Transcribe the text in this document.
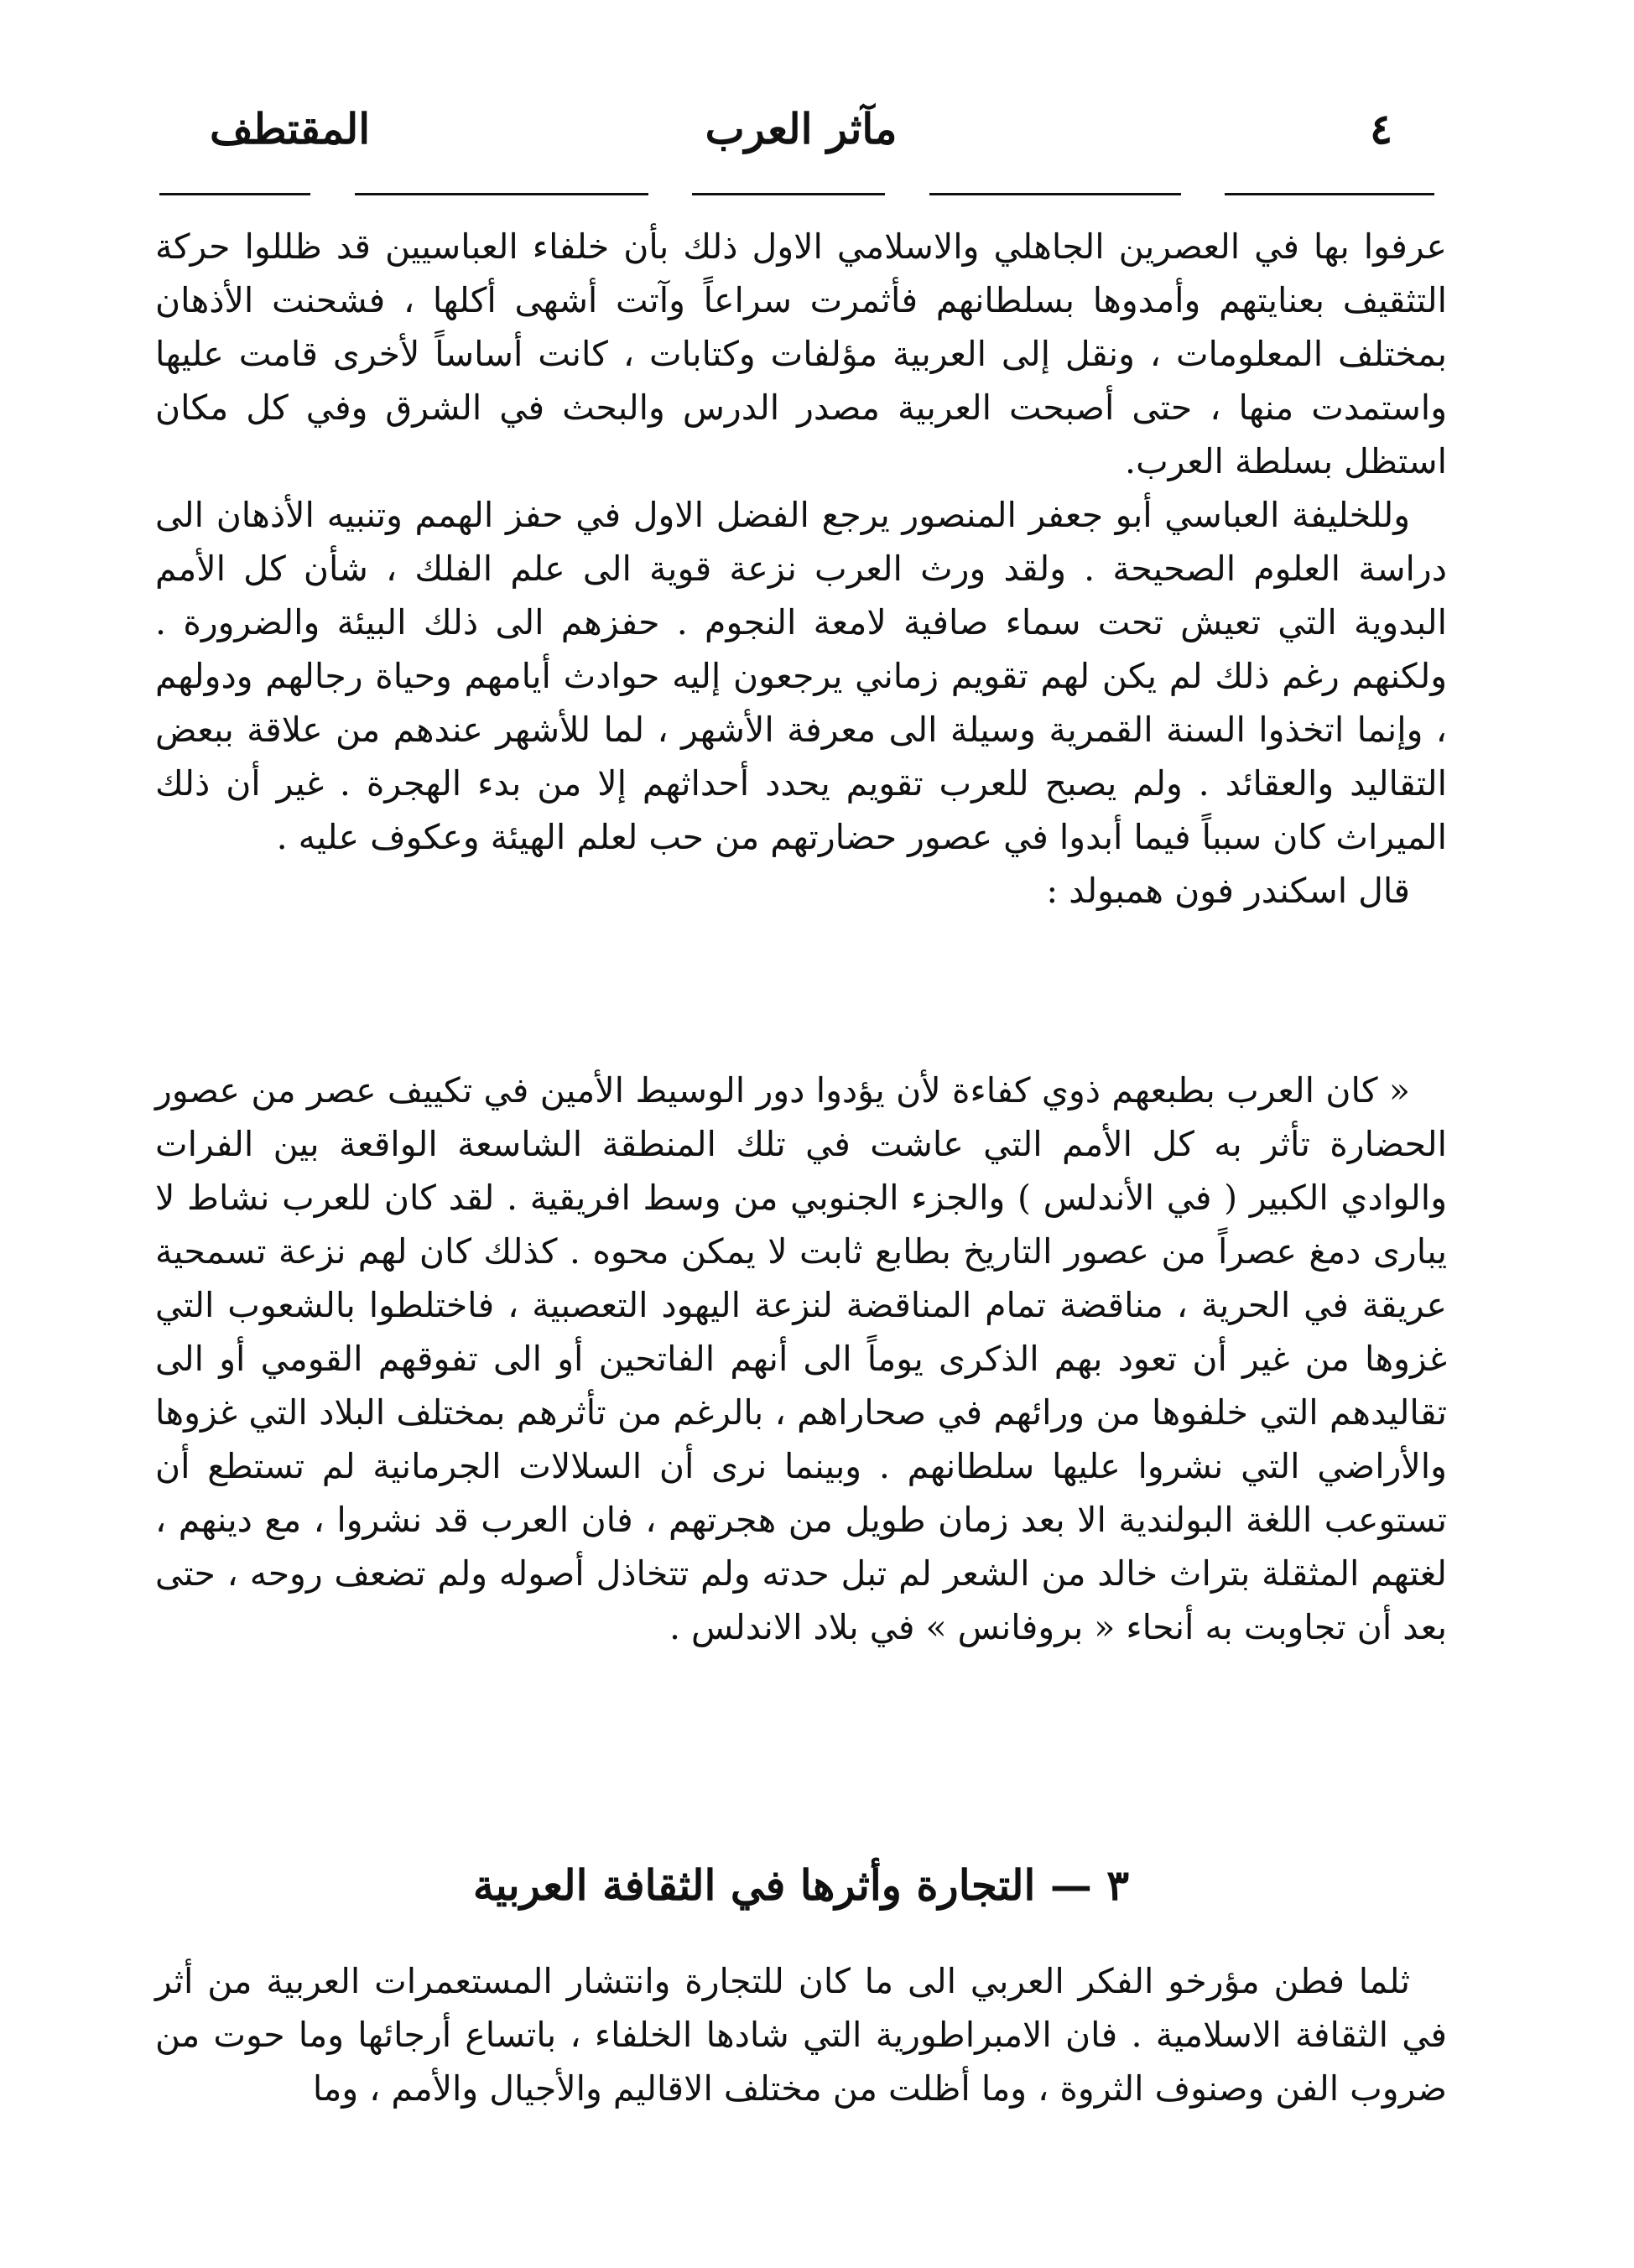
٤
مآثر العرب
المقتطف

عرفوا بها في العصرين الجاهلي والاسلامي الاول ذلك بأن خلفاء العباسيين قد ظللوا حركة التثقيف بعنايتهم وأمدوها بسلطانهم فأثمرت سراعاً وآتت أشهى أكلها ، فشحنت الأذهان بمختلف المعلومات ، ونقل إلى العربية مؤلفات وكتابات ، كانت أساساً لأخرى قامت عليها واستمدت منها ، حتى أصبحت العربية مصدر الدرس والبحث في الشرق وفي كل مكان استظل بسلطة العرب.

وللخليفة العباسي أبو جعفر المنصور يرجع الفضل الاول في حفز الهمم وتنبيه الأذهان الى دراسة العلوم الصحيحة . ولقد ورث العرب نزعة قوية الى علم الفلك ، شأن كل الأمم البدوية التي تعيش تحت سماء صافية لامعة النجوم . حفزهم الى ذلك البيئة والضرورة . ولكنهم رغم ذلك لم يكن لهم تقويم زماني يرجعون إليه حوادث أيامهم وحياة رجالهم ودولهم ، وإنما اتخذوا السنة القمرية وسيلة الى معرفة الأشهر ، لما للأشهر عندهم من علاقة ببعض التقاليد والعقائد . ولم يصبح للعرب تقويم يحدد أحداثهم إلا من بدء الهجرة . غير أن ذلك الميراث كان سبباً فيما أبدوا في عصور حضارتهم من حب لعلم الهيئة وعكوف عليه .

قال اسكندر فون همبولد :

« كان العرب بطبعهم ذوي كفاءة لأن يؤدوا دور الوسيط الأمين في تكييف عصر من عصور الحضارة تأثر به كل الأمم التي عاشت في تلك المنطقة الشاسعة الواقعة بين الفرات والوادي الكبير ( في الأندلس ) والجزء الجنوبي من وسط افريقية . لقد كان للعرب نشاط لا يبارى دمغ عصراً من عصور التاريخ بطابع ثابت لا يمكن محوه . كذلك كان لهم نزعة تسمحية عريقة في الحرية ، مناقضة تمام المناقضة لنزعة اليهود التعصبية ، فاختلطوا بالشعوب التي غزوها من غير أن تعود بهم الذكرى يوماً الى أنهم الفاتحين أو الى تفوقهم القومي أو الى تقاليدهم التي خلفوها من ورائهم في صحاراهم ، بالرغم من تأثرهم بمختلف البلاد التي غزوها والأراضي التي نشروا عليها سلطانهم . وبينما نرى أن السلالات الجرمانية لم تستطع أن تستوعب اللغة البولندية الا بعد زمان طويل من هجرتهم ، فان العرب قد نشروا ، مع دينهم ، لغتهم المثقلة بتراث خالد من الشعر لم تبل حدته ولم تتخاذل أصوله ولم تضعف روحه ، حتى بعد أن تجاوبت به أنحاء « بروفانس » في بلاد الاندلس .

٣ — التجارة وأثرها في الثقافة العربية

ثلما فطن مؤرخو الفكر العربي الى ما كان للتجارة وانتشار المستعمرات العربية من أثر في الثقافة الاسلامية . فان الامبراطورية التي شادها الخلفاء ، باتساع أرجائها وما حوت من ضروب الفن وصنوف الثروة ، وما أظلت من مختلف الاقاليم والأجيال والأمم ، وما
